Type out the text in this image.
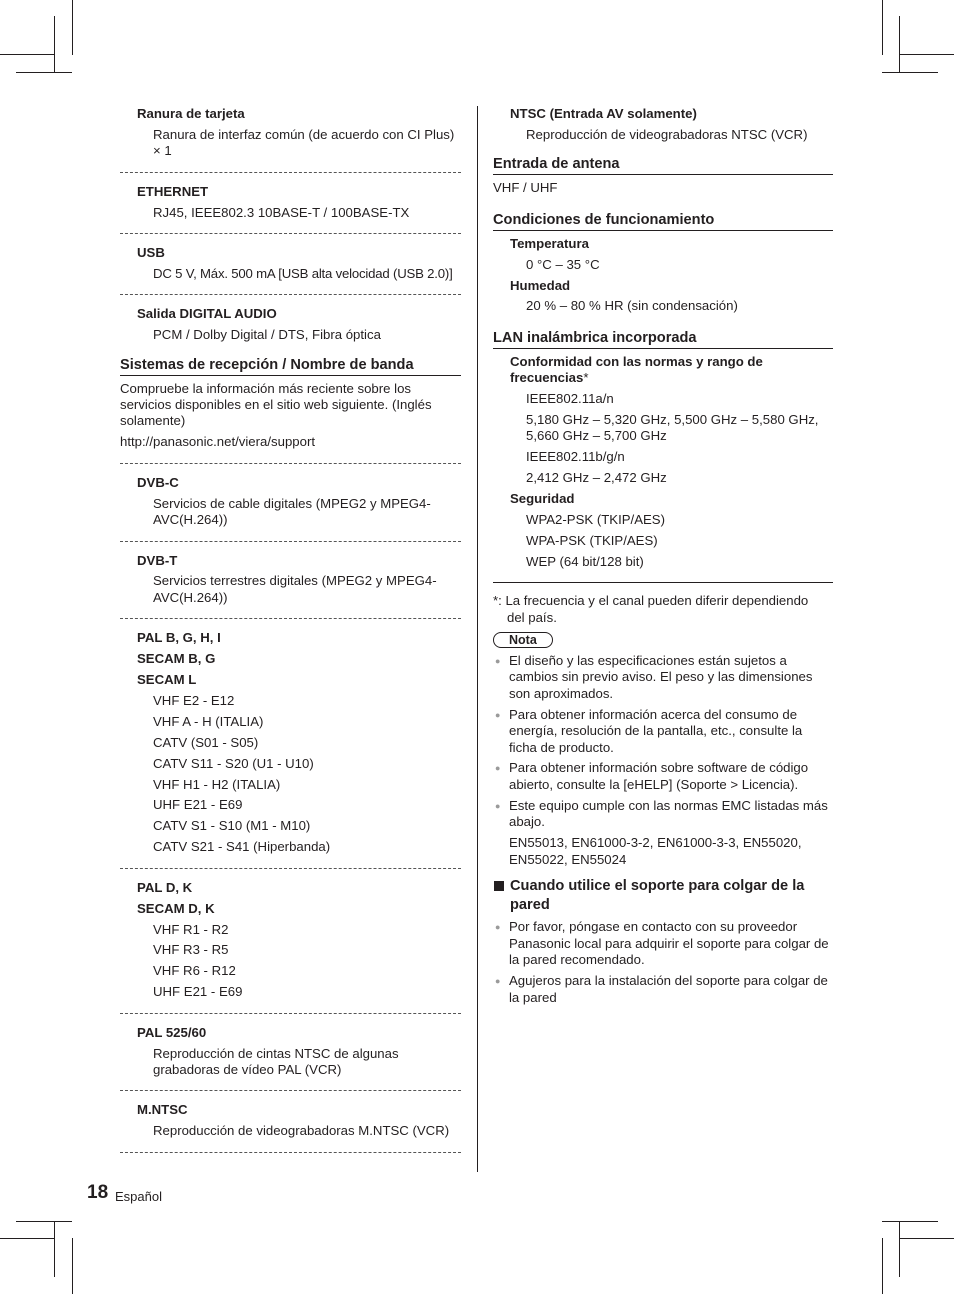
Ranura de tarjeta
Ranura de interfaz común (de acuerdo con CI Plus) × 1
ETHERNET
RJ45, IEEE802.3 10BASE-T / 100BASE-TX
USB
DC 5 V, Máx. 500 mA [USB alta velocidad (USB 2.0)]
Salida DIGITAL AUDIO
PCM / Dolby Digital / DTS, Fibra óptica
Sistemas de recepción / Nombre de banda
Compruebe la información más reciente sobre los servicios disponibles en el sitio web siguiente. (Inglés solamente)
http://panasonic.net/viera/support
DVB-C
Servicios de cable digitales (MPEG2 y MPEG4-AVC(H.264))
DVB-T
Servicios terrestres digitales (MPEG2 y MPEG4-AVC(H.264))
PAL B, G, H, I
SECAM B, G
SECAM L
VHF E2 - E12
VHF A - H (ITALIA)
CATV (S01 - S05)
CATV S11 - S20 (U1 - U10)
VHF H1 - H2 (ITALIA)
UHF E21 - E69
CATV S1 - S10 (M1 - M10)
CATV S21 - S41 (Hiperbanda)
PAL D, K
SECAM D, K
VHF R1 - R2
VHF R3 - R5
VHF R6 - R12
UHF E21 - E69
PAL 525/60
Reproducción de cintas NTSC de algunas grabadoras de vídeo PAL (VCR)
M.NTSC
Reproducción de videograbadoras M.NTSC (VCR)
NTSC (Entrada AV solamente)
Reproducción de videograbadoras NTSC (VCR)
Entrada de antena
VHF / UHF
Condiciones de funcionamiento
Temperatura
0 °C – 35 °C
Humedad
20 % – 80 % HR (sin condensación)
LAN inalámbrica incorporada
Conformidad con las normas y rango de frecuencias*
IEEE802.11a/n
5,180 GHz – 5,320 GHz, 5,500 GHz – 5,580 GHz, 5,660 GHz – 5,700 GHz
IEEE802.11b/g/n
2,412 GHz – 2,472 GHz
Seguridad
WPA2-PSK (TKIP/AES)
WPA-PSK (TKIP/AES)
WEP (64 bit/128 bit)
*: La frecuencia y el canal pueden diferir dependiendo
del país.
Nota
● El diseño y las especificaciones están sujetos a cambios sin previo aviso. El peso y las dimensiones son aproximados.
● Para obtener información acerca del consumo de energía, resolución de la pantalla, etc., consulte la ficha de producto.
● Para obtener información sobre software de código abierto, consulte la [eHELP] (Soporte > Licencia).
● Este equipo cumple con las normas EMC listadas más abajo.
EN55013, EN61000-3-2, EN61000-3-3, EN55020, EN55022, EN55024
Cuando utilice el soporte para colgar de la pared
● Por favor, póngase en contacto con su proveedor Panasonic local para adquirir el soporte para colgar de la pared recomendado.
● Agujeros para la instalación del soporte para colgar de la pared
18 Español
